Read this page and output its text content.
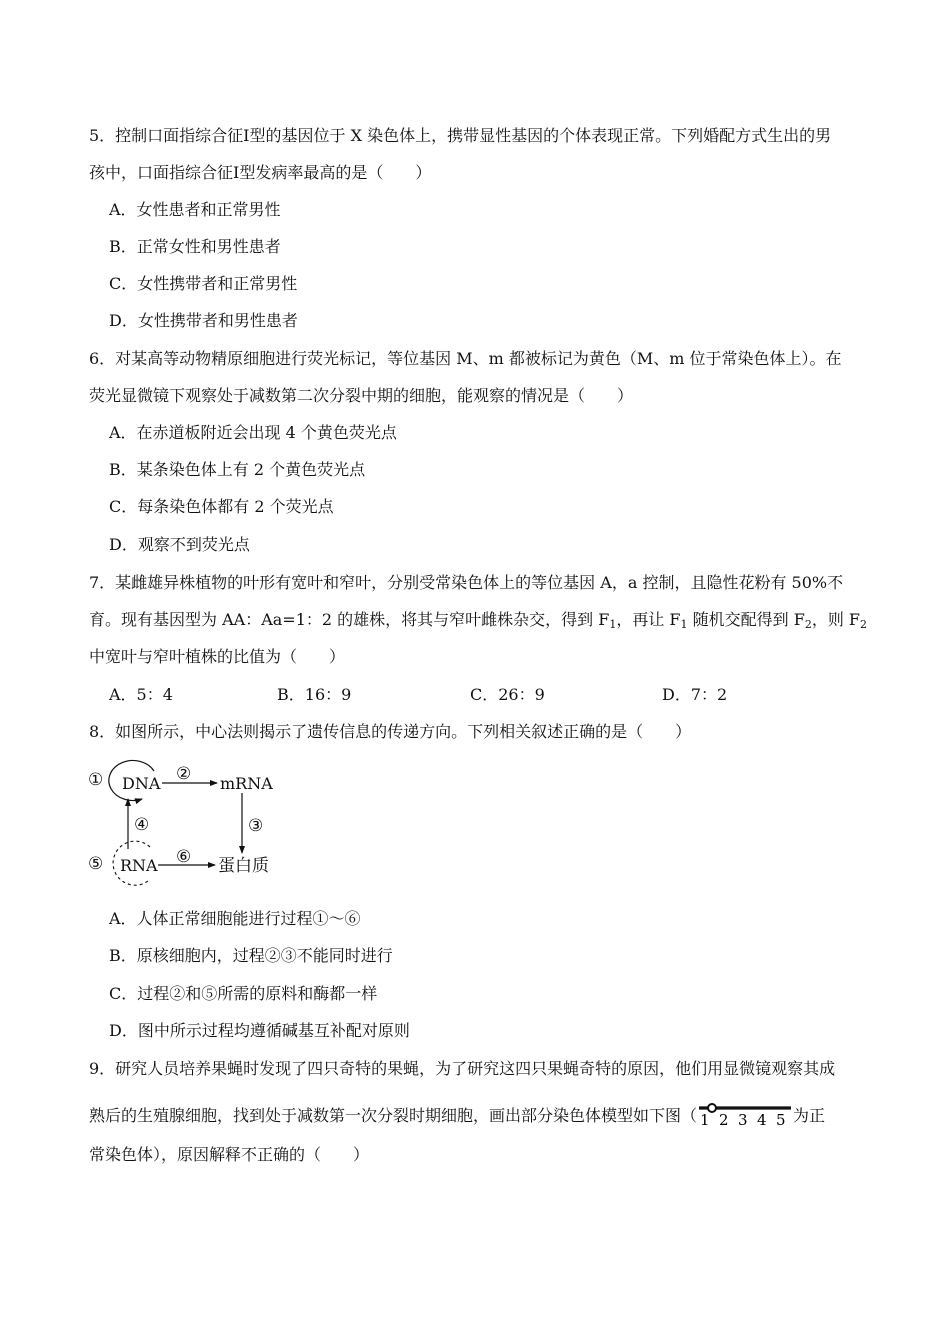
5．控制口面指综合征I型的基因位于 X 染色体上，携带显性基因的个体表现正常。下列婚配方式生出的男
孩中，口面指综合征I型发病率最高的是（　　）
A．女性患者和正常男性
B．正常女性和男性患者
C．女性携带者和正常男性
D．女性携带者和男性患者
6．对某高等动物精原细胞进行荧光标记，等位基因 M、m 都被标记为黄色（M、m 位于常染色体上）。在
荧光显微镜下观察处于减数第二次分裂中期的细胞，能观察的情况是（　　）
A．在赤道板附近会出现 4 个黄色荧光点
B．某条染色体上有 2 个黄色荧光点
C．每条染色体都有 2 个荧光点
D．观察不到荧光点
7．某雌雄异株植物的叶形有宽叶和窄叶，分别受常染色体上的等位基因 A，a 控制，且隐性花粉有 50%不
育。现有基因型为 AA：Aa=1：2 的雄株，将其与窄叶雌株杂交，得到 $F_1$，再让 $F_1$ 随机交配得到 $F_2$，则 $F_2$
中宽叶与窄叶植株的比值为（　　）
A．5：4	B．16：9	C．26：9	D．7：2
8．如图所示，中心法则揭示了遗传信息的传递方向。下列相关叙述正确的是（　　）
①
⑤
②
③
④
⑥
DNA	mRNA
RNA	蛋白质
A．人体正常细胞能进行过程①～⑥
B．原核细胞内，过程②③不能同时进行
C．过程②和⑤所需的原料和酶都一样
D．图中所示过程均遵循碱基互补配对原则
9．研究人员培养果蝇时发现了四只奇特的果蝇，为了研究这四只果蝇奇特的原因，他们用显微镜观察其成
熟后的生殖腺细胞，找到处于减数第一次分裂时期细胞，画出部分染色体模型如下图（ 1 2 3 4 5 为正
常染色体），原因解释不正确的（　　）
